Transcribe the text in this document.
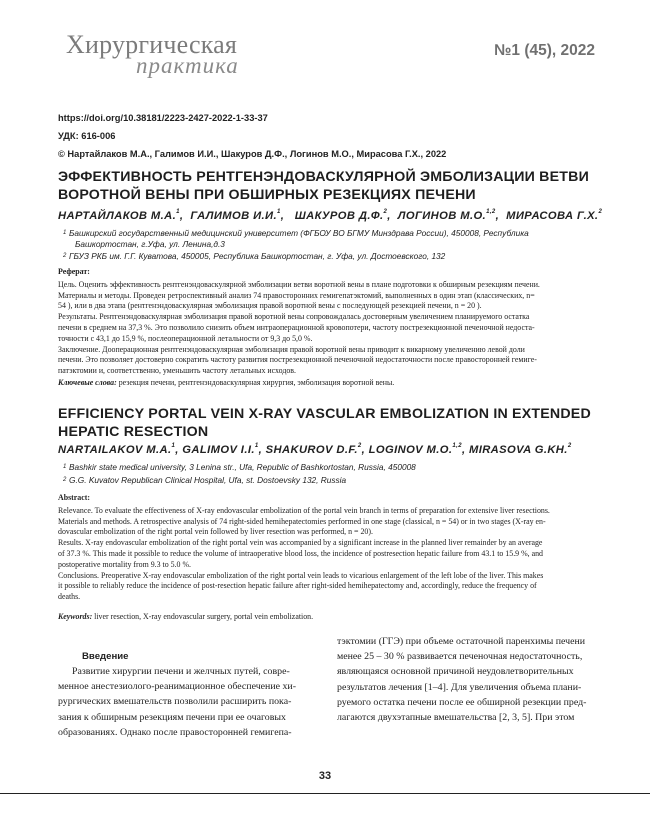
Хирургическая
практика
№1 (45), 2022
https://doi.org/10.38181/2223-2427-2022-1-33-37
УДК: 616-006
© Нартайлаков М.А., Галимов И.И., Шакуров Д.Ф., Логинов М.О., Мирасова Г.Х., 2022
ЭФФЕКТИВНОСТЬ РЕНТГЕНЭНДОВАСКУЛЯРНОЙ ЭМБОЛИЗАЦИИ ВЕТВИ
ВОРОТНОЙ ВЕНЫ ПРИ ОБШИРНЫХ РЕЗЕКЦИЯХ ПЕЧЕНИ
НАРТАЙЛАКОВ М.А.$^1$,  ГАЛИМОВ И.И.$^1$,   ШАКУРОВ Д.Ф.$^2$,  ЛОГИНОВ М.О.$^{1,2}$,  МИРАСОВА Г.Х.$^2$
1 Башкирский государственный медицинский университет (ФГБОУ ВО БГМУ Минздрава России), 450008, Республика
Башкортостан, г.Уфа, ул. Ленина,д.3
2 ГБУЗ РКБ им. Г.Г. Куватова, 450005, Республика Башкортостан, г. Уфа, ул. Достоевского, 132

Реферат:

Цель. Оценить эффективность рентгенэндоваскулярной эмболизации ветви воротной вены в плане подготовки к обширным резекциям печени.

Материалы и методы. Проведен ретроспективный анализ 74 правосторонних гемигепатэктомий, выполненных в один этап (классических, n=

54 ), или в два этапа (рентгенэндоваскулярная эмболизация правой воротной вены с последующей резекцией печени, n = 20 ).

Результаты. Рентгенэндоваскулярная эмболизация правой воротной вены сопровождалась достоверным увеличением планируемого остатка

печени в среднем на 37,3 %. Это позволило снизить объем интраоперационной кровопотери, частоту пострезекционной печеночной недоста-

точности с 43,1 до 15,9 %, послеоперационной летальности от 9,3 до 5,0 %.

Заключение. Дооперационная рентгенэндоваскулярная эмболизация правой воротной вены приводит к викарному увеличению левой доли

печени. Это позволяет достоверно сократить частоту развития пострезекционной печеночной недостаточности после правосторонней гемиге-

патэктомии и, соответственно, уменьшить частоту летальных исходов.

Ключевые слова: резекция печени, рентгенэндоваскулярная хирургия, эмболизация воротной вены.
EFFICIENCY PORTAL VEIN X-RAY VASCULAR EMBOLIZATION IN EXTENDED
HEPATIC RESECTION
NARTAILAKOV M.A.$^1$, GALIMOV I.I.$^1$, SHAKUROV D.F.$^2$, LOGINOV M.O.$^{1,2}$, MIRASOVA G.KH.$^2$
1 Bashkir state medical university, 3 Lenina str., Ufa, Republic of Bashkortostan, Russia, 450008
2 G.G. Kuvatov Republican Clinical Hospital, Ufa, st. Dostoevsky 132, Russia

Abstract:

Relevance. To evaluate the effectiveness of X-ray endovascular embolization of the portal vein branch in terms of preparation for extensive liver resections.

Materials and methods. A retrospective analysis of 74 right-sided hemihepatectomies performed in one stage (classical, n = 54) or in two stages (X-ray en-

dovascular embolization of the right portal vein followed by liver resection was performed, n = 20).

Results. X-ray endovascular embolization of the right portal vein was accompanied by a significant increase in the planned liver remainder by an average

of 37.3 %. This made it possible to reduce the volume of intraoperative blood loss, the incidence of postresection hepatic failure from 43.1 to 15.9 %, and

postoperative mortality from 9.3 to 5.0 %.

Conclusions. Preoperative X-ray endovascular embolization of the right portal vein leads to vicarious enlargement of the left lobe of the liver. This makes

it possible to reliably reduce the incidence of post-resection hepatic failure after right-sided hemihepatectomy and, accordingly, reduce the frequency of

deaths.

Keywords: liver resection, X-ray endovascular surgery, portal vein embolization.

Введение

Развитие хирургии печени и желчных путей, совре-

менное анестезиолого-реанимационное обеспечение хи-

рургических вмешательств позволили расширить пока-

зания к обширным резекциям печени при ее очаговых

образованиях. Однако после правосторонней гемигепа-

тэктомии (ГГЭ) при объеме остаточной паренхимы печени

менее 25 – 30 % развивается печеночная недостаточность,

являющаяся основной причиной неудовлетворительных

результатов лечения [1–4]. Для увеличения объема плани-

руемого остатка печени после ее обширной резекции пред-

лагаются двухэтапные вмешательства [2, 3, 5]. При этом

33
